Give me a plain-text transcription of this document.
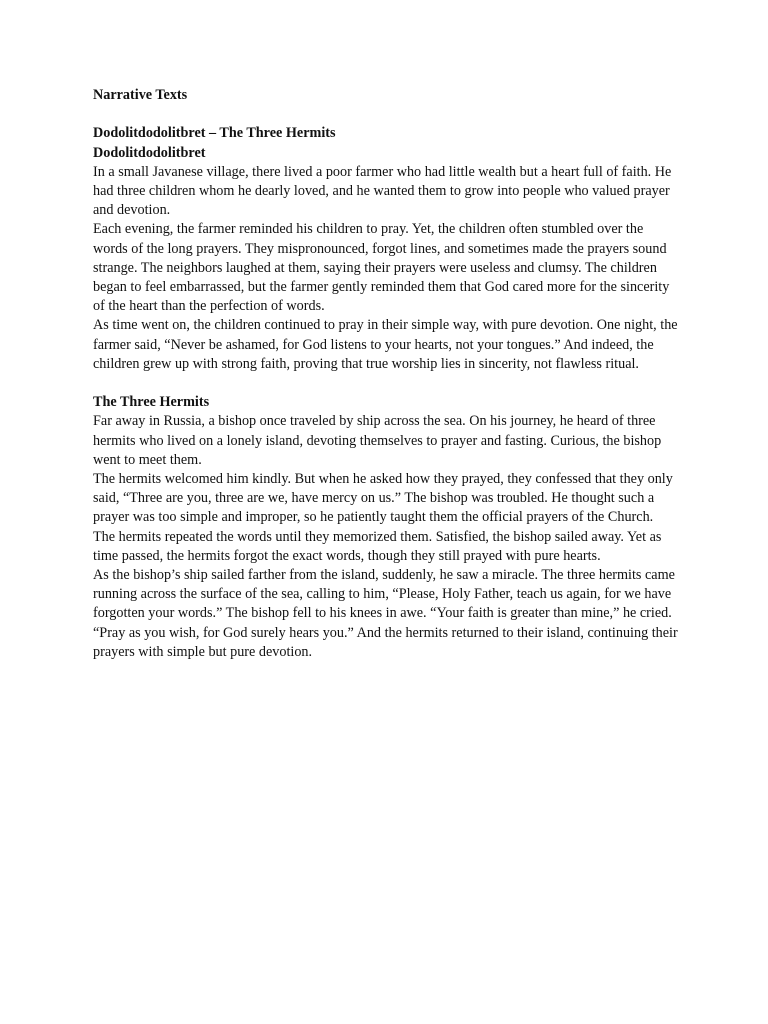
Narrative Texts

Dodolitdodolitbret – The Three Hermits

Dodolitdodolitbret

In a small Javanese village, there lived a poor farmer who had little wealth but a heart full of faith. He had three children whom he dearly loved, and he wanted them to grow into people who valued prayer and devotion.

Each evening, the farmer reminded his children to pray. Yet, the children often stumbled over the words of the long prayers. They mispronounced, forgot lines, and sometimes made the prayers sound strange. The neighbors laughed at them, saying their prayers were useless and clumsy. The children began to feel embarrassed, but the farmer gently reminded them that God cared more for the sincerity of the heart than the perfection of words.

As time went on, the children continued to pray in their simple way, with pure devotion. One night, the farmer said, “Never be ashamed, for God listens to your hearts, not your tongues.” And indeed, the children grew up with strong faith, proving that true worship lies in sincerity, not flawless ritual.

The Three Hermits

Far away in Russia, a bishop once traveled by ship across the sea. On his journey, he heard of three hermits who lived on a lonely island, devoting themselves to prayer and fasting. Curious, the bishop went to meet them.

The hermits welcomed him kindly. But when he asked how they prayed, they confessed that they only said, “Three are you, three are we, have mercy on us.” The bishop was troubled. He thought such a prayer was too simple and improper, so he patiently taught them the official prayers of the Church. The hermits repeated the words until they memorized them. Satisfied, the bishop sailed away. Yet as time passed, the hermits forgot the exact words, though they still prayed with pure hearts.

As the bishop’s ship sailed farther from the island, suddenly, he saw a miracle. The three hermits came running across the surface of the sea, calling to him, “Please, Holy Father, teach us again, for we have forgotten your words.” The bishop fell to his knees in awe. “Your faith is greater than mine,” he cried. “Pray as you wish, for God surely hears you.” And the hermits returned to their island, continuing their prayers with simple but pure devotion.
